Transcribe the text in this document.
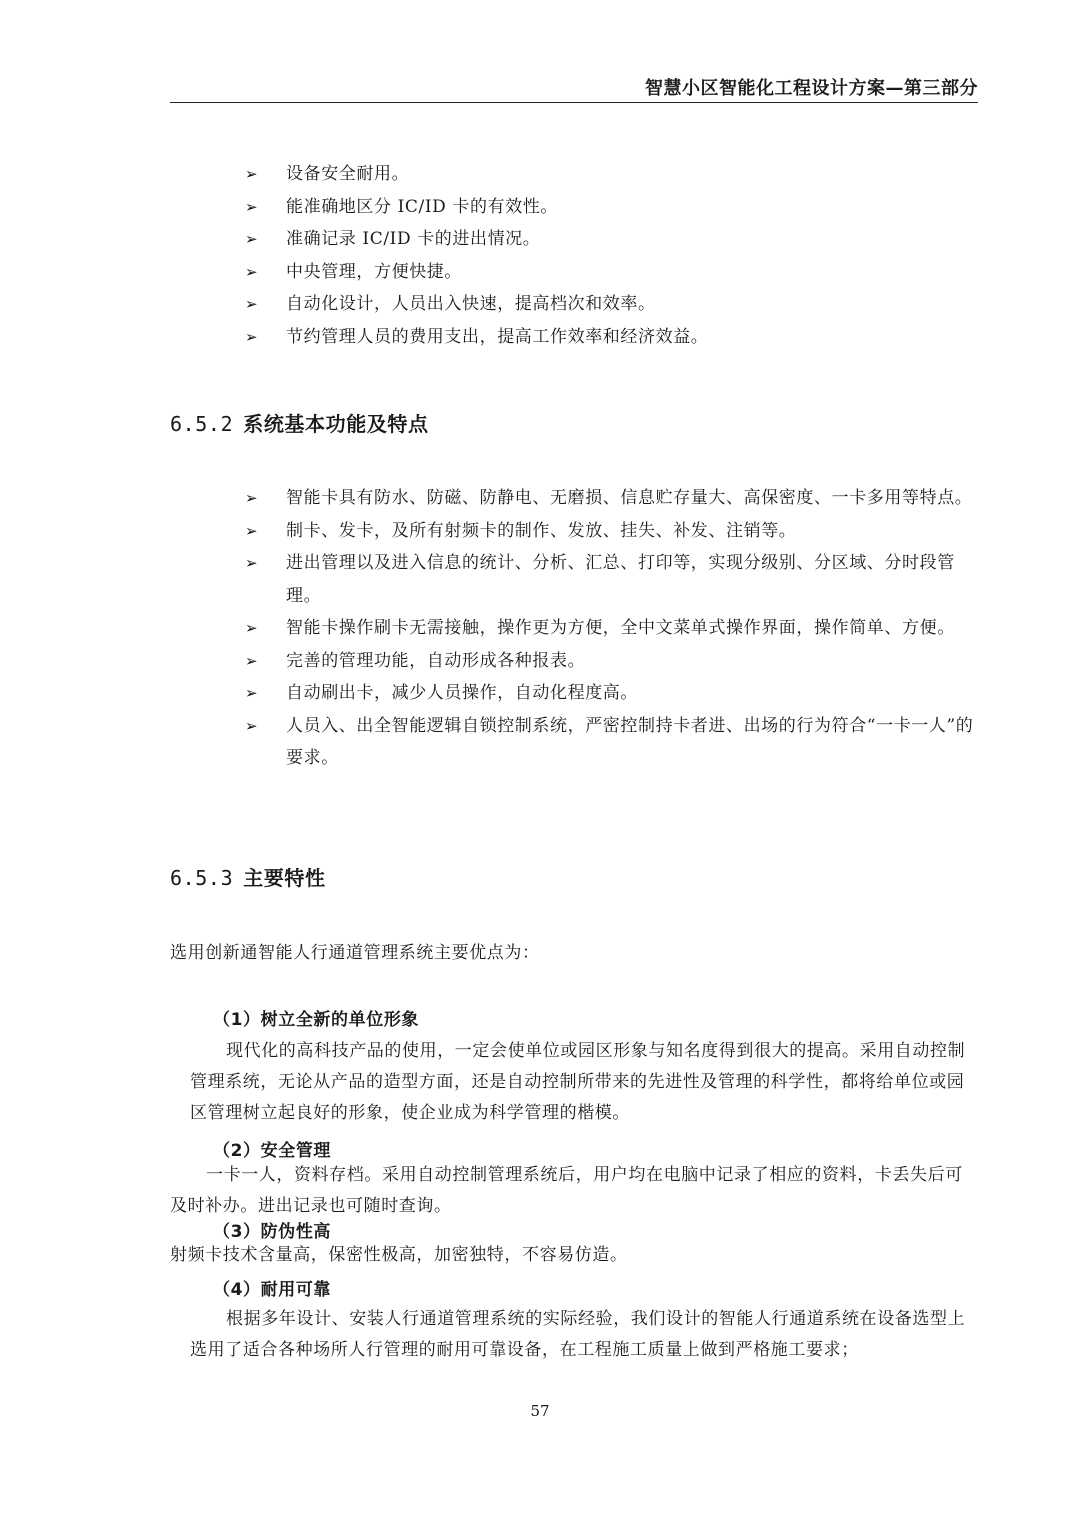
智慧小区智能化工程设计方案—第三部分
➢ 设备安全耐用。
➢ 能准确地区分 IC/ID 卡的有效性。
➢ 准确记录 IC/ID 卡的进出情况。
➢ 中央管理，方便快捷。
➢ 自动化设计，人员出入快速，提高档次和效率。
➢ 节约管理人员的费用支出，提高工作效率和经济效益。
6.5.2 系统基本功能及特点
➢ 智能卡具有防水、防磁、防静电、无磨损、信息贮存量大、高保密度、一卡多用等特点。
➢ 制卡、发卡，及所有射频卡的制作、发放、挂失、补发、注销等。
➢ 进出管理以及进入信息的统计、分析、汇总、打印等，实现分级别、分区域、分时段管理。
➢ 智能卡操作刷卡无需接触，操作更为方便，全中文菜单式操作界面，操作简单、方便。
➢ 完善的管理功能，自动形成各种报表。
➢ 自动刷出卡，减少人员操作，自动化程度高。
➢ 人员入、出全智能逻辑自锁控制系统，严密控制持卡者进、出场的行为符合“一卡一人”的要求。
6.5.3 主要特性
选用创新通智能人行通道管理系统主要优点为：
（1）树立全新的单位形象
现代化的高科技产品的使用，一定会使单位或园区形象与知名度得到很大的提高。采用自动控制管理系统，无论从产品的造型方面，还是自动控制所带来的先进性及管理的科学性，都将给单位或园区管理树立起良好的形象，使企业成为科学管理的楷模。
（2）安全管理
一卡一人，资料存档。采用自动控制管理系统后，用户均在电脑中记录了相应的资料，卡丢失后可及时补办。进出记录也可随时查询。
（3）防伪性高
射频卡技术含量高，保密性极高，加密独特，不容易仿造。
（4）耐用可靠
根据多年设计、安装人行通道管理系统的实际经验，我们设计的智能人行通道系统在设备选型上选用了适合各种场所人行管理的耐用可靠设备，在工程施工质量上做到严格施工要求；
57
